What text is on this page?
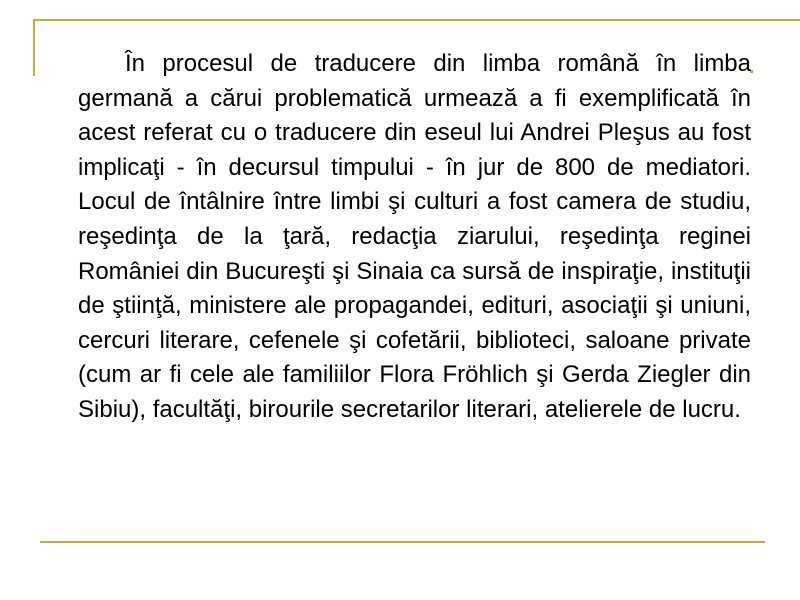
În procesul de traducere din limba română în limba germană a cărui problematică urmează a fi exemplificată în acest referat cu o traducere din eseul lui Andrei Pleşus au fost implicaţi - în decursul timpului - în jur de 800 de mediatori. Locul de întâlnire între limbi şi culturi a fost camera de studiu, reşedinţa de la ţară, redacţia ziarului, reşedinţa reginei României din Bucureşti şi Sinaia ca sursă de inspiraţie, instituţii de ştiinţă, ministere ale propagandei, edituri, asociaţii şi uniuni, cercuri literare, cefenele şi cofetării, biblioteci, saloane private (cum ar fi cele ale familiilor Flora Fröhlich şi Gerda Ziegler din Sibiu), facultăţi, birourile secretarilor literari, atelierele de lucru.
